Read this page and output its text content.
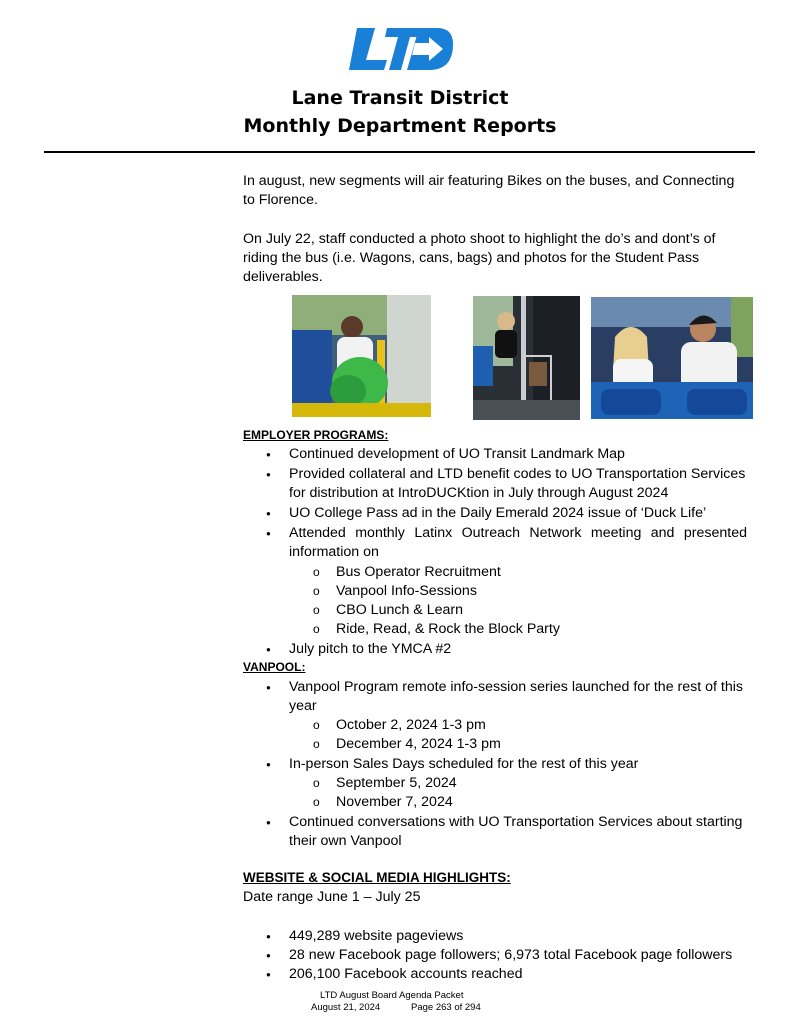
Lane Transit District
Monthly Department Reports
In august, new segments will air featuring Bikes on the buses, and Connecting to Florence.
On July 22, staff conducted a photo shoot to highlight the do’s and dont’s of riding the bus (i.e. Wagons, cans, bags) and photos for the Student Pass deliverables.
EMPLOYER PROGRAMS:
● Continued development of UO Transit Landmark Map
● Provided collateral and LTD benefit codes to UO Transportation Services for distribution at IntroDUCKtion in July through August 2024
● UO College Pass ad in the Daily Emerald 2024 issue of ‘Duck Life’
● Attended monthly Latinx Outreach Network meeting and presented information on
o Bus Operator Recruitment
o Vanpool Info-Sessions
o CBO Lunch & Learn
o Ride, Read, & Rock the Block Party
● July pitch to the YMCA #2
VANPOOL:
● Vanpool Program remote info-session series launched for the rest of this year
o October 2, 2024 1-3 pm
o December 4, 2024 1-3 pm
● In-person Sales Days scheduled for the rest of this year
o September 5, 2024
o November 7, 2024
● Continued conversations with UO Transportation Services about starting their own Vanpool
WEBSITE & SOCIAL MEDIA HIGHLIGHTS:
Date range June 1 – July 25
● 449,289 website pageviews
● 28 new Facebook page followers; 6,973 total Facebook page followers
● 206,100 Facebook accounts reached
LTD August Board Agenda Packet
August 21, 2024	Page 263 of 294
